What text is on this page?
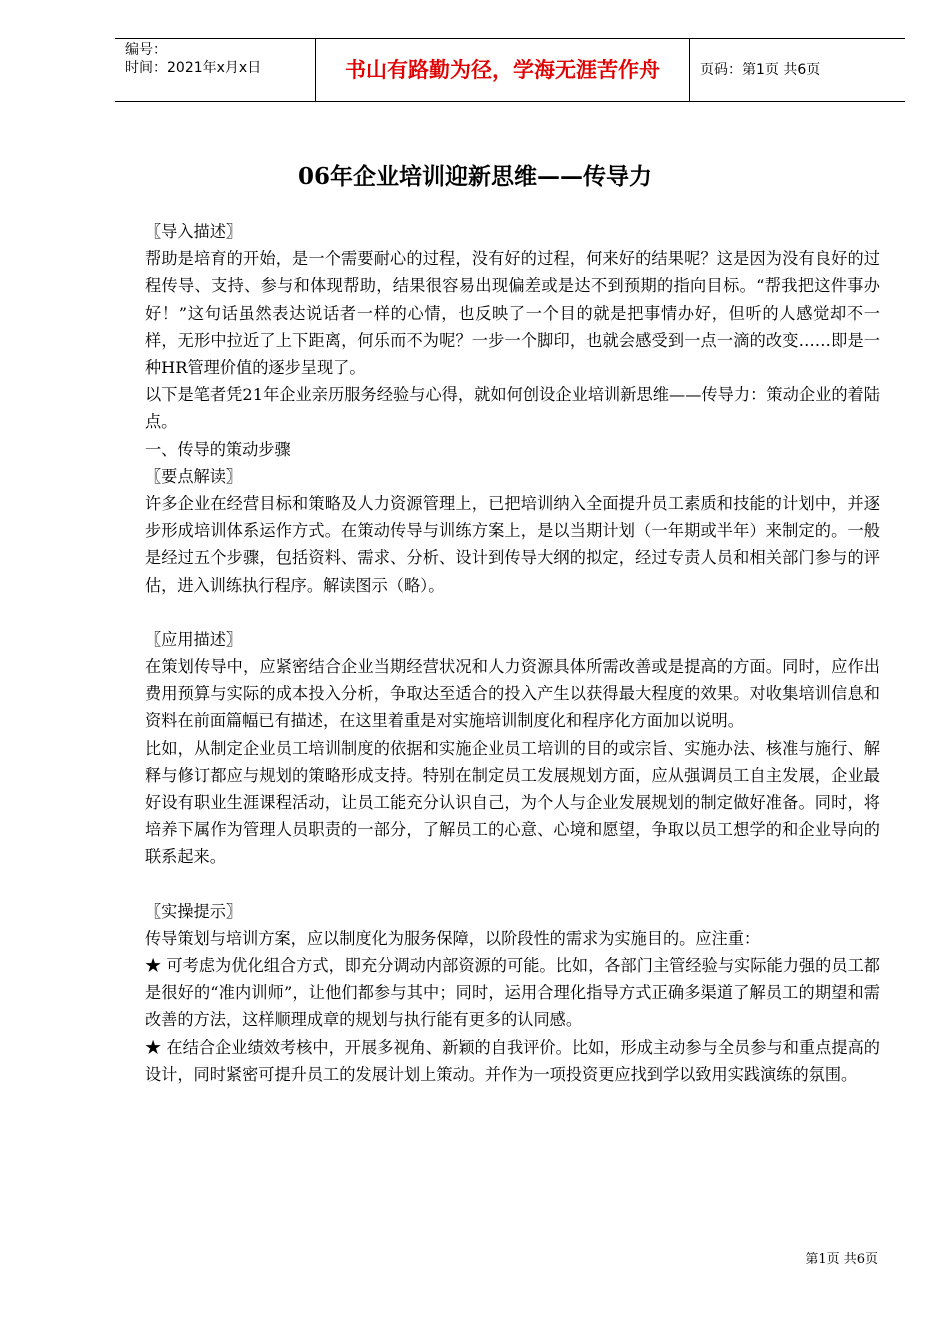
编号：
时间：2021年x月x日	书山有路勤为径，学海无涯苦作舟	页码：第1页 共6页
06年企业培训迎新思维——传导力

〖导入描述〗

帮助是培育的开始，是一个需要耐心的过程，没有好的过程，何来好的结果呢？这是因为没有良好的过程传导、支持、参与和体现帮助，结果很容易出现偏差或是达不到预期的指向目标。“帮我把这件事办好！”这句话虽然表达说话者一样的心情，也反映了一个目的就是把事情办好，但听的人感觉却不一样，无形中拉近了上下距离，何乐而不为呢？一步一个脚印，也就会感受到一点一滴的改变……即是一种HR管理价值的逐步呈现了。

以下是笔者凭21年企业亲历服务经验与心得，就如何创设企业培训新思维——传导力：策动企业的着陆点。

一、传导的策动步骤

〖要点解读〗

许多企业在经营目标和策略及人力资源管理上，已把培训纳入全面提升员工素质和技能的计划中，并逐步形成培训体系运作方式。在策动传导与训练方案上，是以当期计划（一年期或半年）来制定的。一般是经过五个步骤，包括资料、需求、分析、设计到传导大纲的拟定，经过专责人员和相关部门参与的评估，进入训练执行程序。解读图示（略）。

〖应用描述〗

在策划传导中，应紧密结合企业当期经营状况和人力资源具体所需改善或是提高的方面。同时，应作出费用预算与实际的成本投入分析，争取达至适合的投入产生以获得最大程度的效果。对收集培训信息和资料在前面篇幅已有描述，在这里着重是对实施培训制度化和程序化方面加以说明。

比如，从制定企业员工培训制度的依据和实施企业员工培训的目的或宗旨、实施办法、核准与施行、解释与修订都应与规划的策略形成支持。特别在制定员工发展规划方面，应从强调员工自主发展，企业最好设有职业生涯课程活动，让员工能充分认识自己，为个人与企业发展规划的制定做好准备。同时，将培养下属作为管理人员职责的一部分，了解员工的心意、心境和愿望，争取以员工想学的和企业导向的联系起来。

〖实操提示〗

传导策划与培训方案，应以制度化为服务保障，以阶段性的需求为实施目的。应注重：

★ 可考虑为优化组合方式，即充分调动内部资源的可能。比如，各部门主管经验与实际能力强的员工都是很好的“准内训师”，让他们都参与其中；同时，运用合理化指导方式正确多渠道了解员工的期望和需改善的方法，这样顺理成章的规划与执行能有更多的认同感。

★ 在结合企业绩效考核中，开展多视角、新颖的自我评价。比如，形成主动参与全员参与和重点提高的设计，同时紧密可提升员工的发展计划上策动。并作为一项投资更应找到学以致用实践演练的氛围。

第1页 共6页
